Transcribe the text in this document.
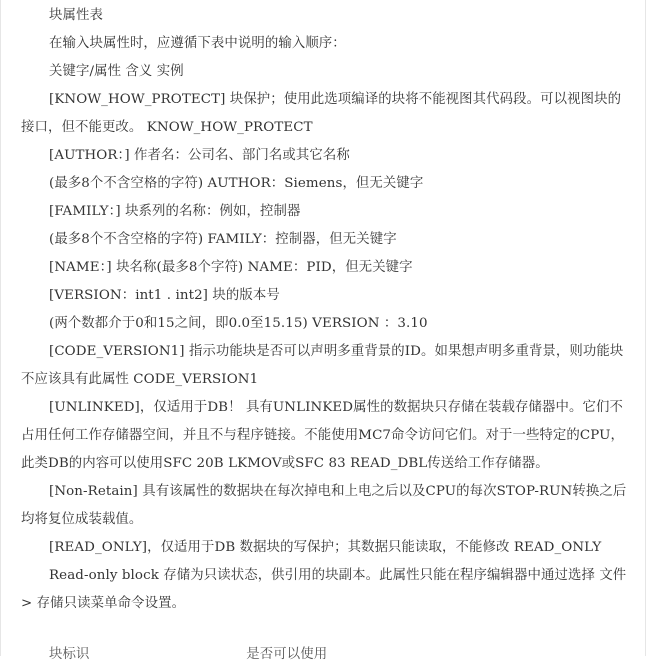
块属性表

在输入块属性时，应遵循下表中说明的输入顺序：

关键字/属性 含义 实例

[KNOW_HOW_PROTECT] 块保护；使用此选项编译的块将不能视图其代码段。可以视图块的接口，但不能更改。 KNOW_HOW_PROTECT

[AUTHOR：] 作者名：公司名、部门名或其它名称

(最多8个不含空格的字符) AUTHOR：Siemens，但无关键字

[FAMILY：] 块系列的名称：例如，控制器

(最多8个不含空格的字符) FAMILY：控制器，但无关键字

[NAME：] 块名称(最多8个字符) NAME：PID，但无关键字

[VERSION：int1 . int2] 块的版本号

(两个数都介于0和15之间，即0.0至15.15) VERSION ：3.10

[CODE_VERSION1] 指示功能块是否可以声明多重背景的ID。如果想声明多重背景，则功能块不应该具有此属性 CODE_VERSION1

[UNLINKED]，仅适用于DB！ 具有UNLINKED属性的数据块只存储在装载存储器中。它们不占用任何工作存储器空间，并且不与程序链接。不能使用MC7命令访问它们。对于一些特定的CPU，此类DB的内容可以使用SFC 20B LKMOV或SFC 83 READ_DBL传送给工作存储器。

[Non-Retain] 具有该属性的数据块在每次掉电和上电之后以及CPU的每次STOP-RUN转换之后均将复位成装载值。

[READ_ONLY]，仅适用于DB 数据块的写保护；其数据只能读取，不能修改 READ_ONLY

Read-only block 存储为只读状态，供引用的块副本。此属性只能在程序编辑器中通过选择 文件 > 存储只读菜单命令设置。

块标识                                    是否可以使用
